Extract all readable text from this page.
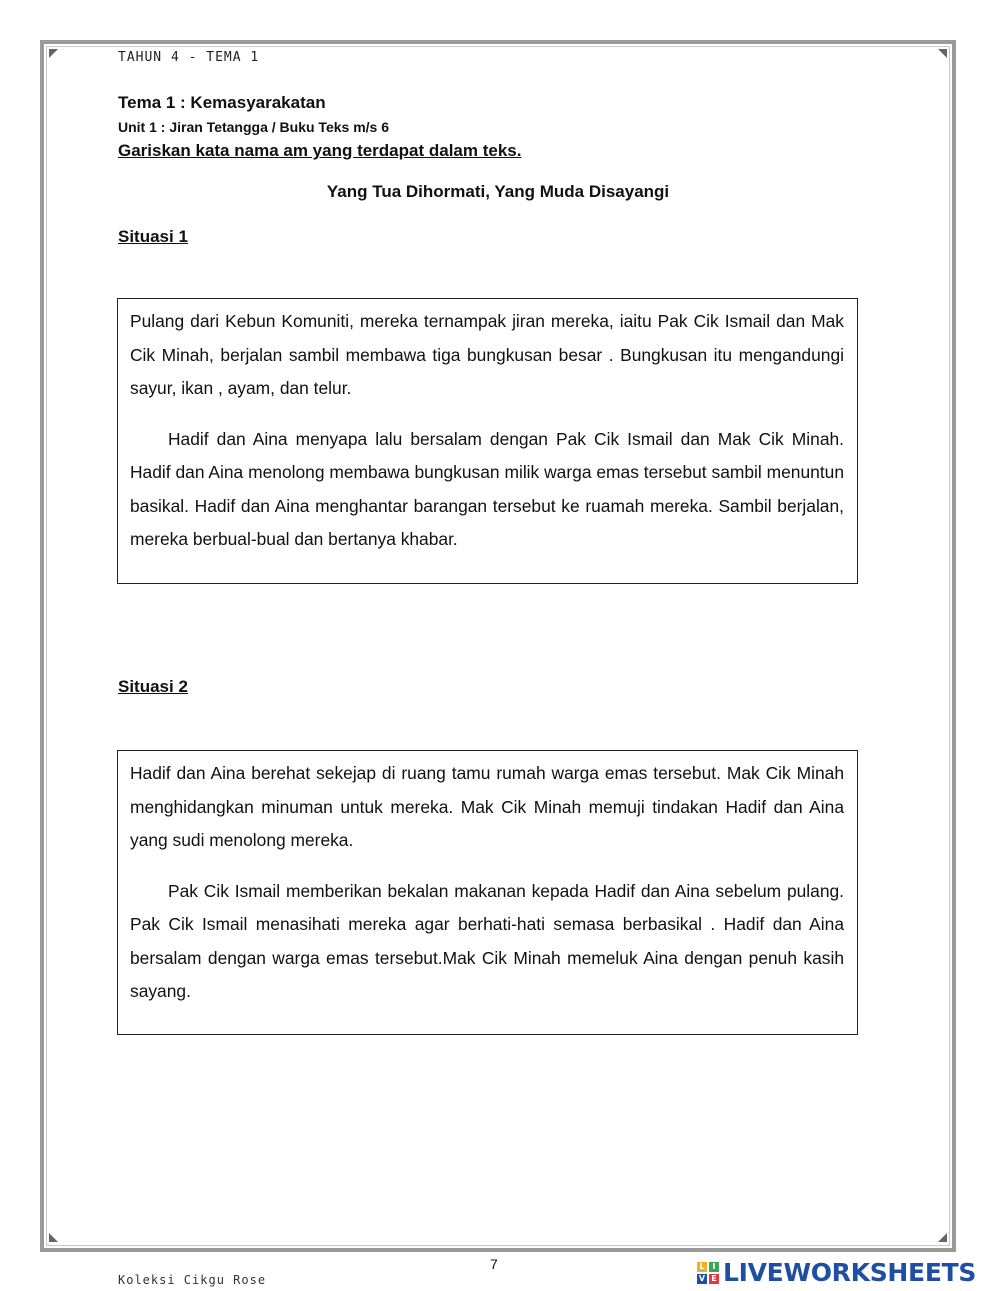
TAHUN 4 - TEMA 1
Tema 1 : Kemasyarakatan
Unit 1 : Jiran Tetangga / Buku Teks m/s 6
Gariskan kata nama am yang terdapat dalam teks.
Yang Tua Dihormati, Yang Muda Disayangi
Situasi 1

Pulang dari Kebun Komuniti, mereka ternampak jiran mereka, iaitu Pak Cik Ismail dan Mak Cik Minah, berjalan sambil membawa tiga bungkusan besar . Bungkusan itu mengandungi sayur, ikan , ayam, dan telur.

Hadif dan Aina menyapa lalu bersalam dengan Pak Cik Ismail dan Mak Cik Minah. Hadif dan Aina menolong membawa bungkusan milik warga emas tersebut sambil menuntun basikal. Hadif dan Aina menghantar barangan tersebut ke ruamah mereka. Sambil berjalan, mereka berbual-bual dan bertanya khabar.

Situasi 2

Hadif dan Aina berehat sekejap di ruang tamu rumah warga emas tersebut. Mak Cik Minah menghidangkan minuman untuk mereka. Mak Cik Minah memuji tindakan Hadif dan Aina yang sudi menolong mereka.

Pak Cik Ismail memberikan bekalan makanan kepada Hadif dan Aina sebelum pulang. Pak Cik Ismail menasihati mereka agar berhati-hati semasa berbasikal . Hadif dan Aina bersalam dengan warga emas tersebut.Mak Cik Minah memeluk Aina dengan penuh kasih sayang.

7
Koleksi Cikgu Rose
L I
V E LIVEWORKSHEETS
